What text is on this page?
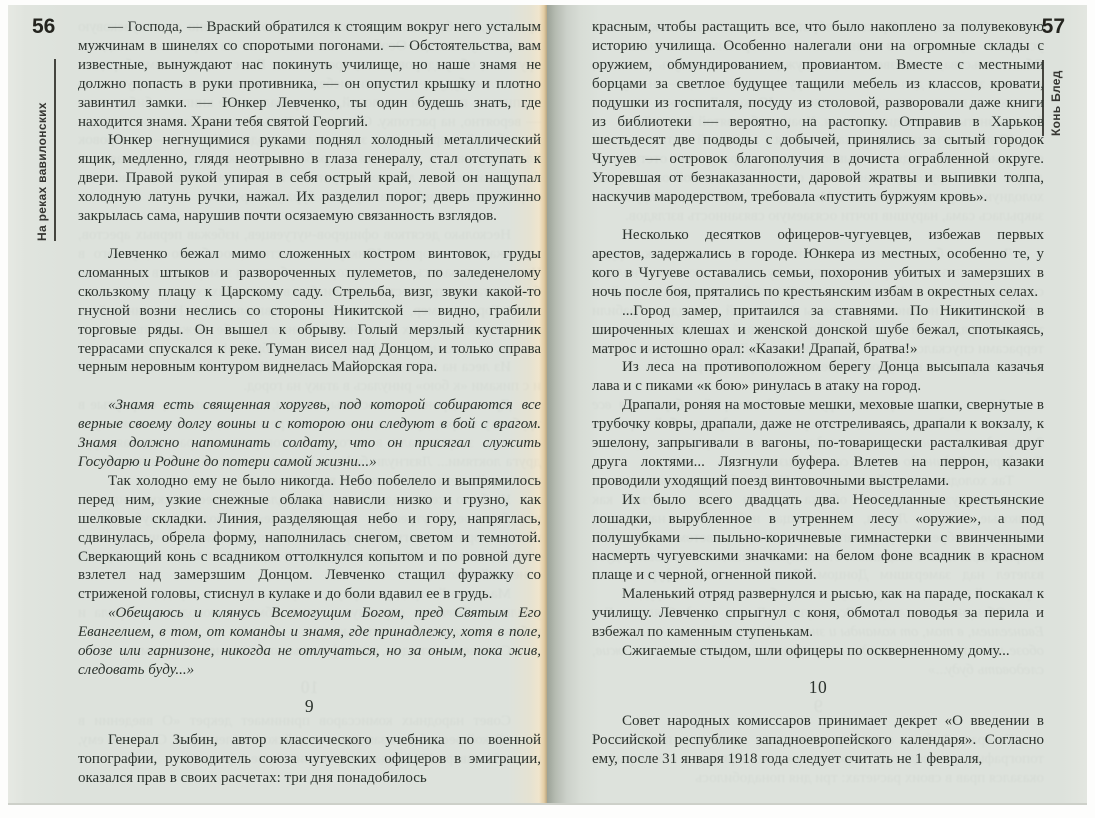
56
На реках вавилонских
— Господа, — Враский обратился к стоящим вокруг него усталым мужчинам в шинелях со споротыми погонами. — Обстоятельства, вам известные, вынуждают нас покинуть училище, но наше знамя не должно попасть в руки противника, — он опустил крышку и плотно завинтил замки. — Юнкер Левченко, ты один будешь знать, где находится знамя. Храни тебя святой Георгий.
Юнкер негнущимися руками поднял холодный металлический ящик, медленно, глядя неотрывно в глаза генералу, стал отступать к двери. Правой рукой упирая в себя острый край, левой он нащупал холодную латунь ручки, нажал. Их разделил порог; дверь пружинно закрылась сама, нарушив почти осязаемую связанность взглядов.
Левченко бежал мимо сложенных костром винтовок, груды сломанных штыков и развороченных пулеметов, по заледенелому скользкому плацу к Царскому саду. Стрельба, визг, звуки какой-то гнусной возни неслись со стороны Никитской — видно, грабили торговые ряды. Он вышел к обрыву. Голый мерзлый кустарник террасами спускался к реке. Туман висел над Донцом, и только справа черным неровным контуром виднелась Майорская гора.
«Знамя есть священная хоругвь, под которой собираются все верные своему долгу воины и с которою они следуют в бой с врагом. Знамя должно напоминать солдату, что он присягал служить Государю и Родине до потери самой жизни...»
Так холодно ему не было никогда. Небо побелело и выпрямилось перед ним, узкие снежные облака нависли низко и грузно, как шелковые складки. Линия, разделяющая небо и гору, напряглась, сдвинулась, обрела форму, наполнилась снегом, светом и темнотой. Сверкающий конь с всадником оттолкнулся копытом и по ровной дуге взлетел над замерзшим Донцом. Левченко стащил фуражку со стриженой головы, стиснул в кулаке и до боли вдавил ее в грудь.
«Обещаюсь и клянусь Всемогущим Богом, пред Святым Его Евангелием, в том, от команды и знамя, где принадлежу, хотя в поле, обозе или гарнизоне, никогда не отлучаться, но за оным, пока жив, следовать буду...»
9
Генерал Зыбин, автор классического учебника по военной топографии, руководитель союза чугуевских офицеров в эмиграции, оказался прав в своих расчетах: три дня понадобилось
57
Конь Блед
красным, чтобы растащить все, что было накоплено за полувековую историю училища. Особенно налегали они на огромные склады с оружием, обмундированием, провиантом. Вместе с местными борцами за светлое будущее тащили мебель из классов, кровати, подушки из госпиталя, посуду из столовой, разворовали даже книги из библиотеки — вероятно, на растопку. Отправив в Харьков шестьдесят две подводы с добычей, принялись за сытый городок Чугуев — островок благополучия в дочиста ограбленной округе. Угоревшая от безнаказанности, даровой жратвы и выпивки толпа, наскучив мародерством, требовала «пустить буржуям кровь».
Несколько десятков офицеров-чугуевцев, избежав первых арестов, задержались в городе. Юнкера из местных, особенно те, у кого в Чугуеве оставались семьи, похоронив убитых и замерзших в ночь после боя, прятались по крестьянским избам в окрестных селах.
...Город замер, притаился за ставнями. По Никитинской в широченных клешах и женской донской шубе бежал, спотыкаясь, матрос и истошно орал: «Казаки! Драпай, братва!»
Из леса на противоположном берегу Донца высыпала казачья лава и с пиками «к бою» ринулась в атаку на город.
Драпали, роняя на мостовые мешки, меховые шапки, свернутые в трубочку ковры, драпали, даже не отстреливаясь, драпали к вокзалу, к эшелону, запрыгивали в вагоны, по-товарищески расталкивая друг друга локтями... Лязгнули буфера. Влетев на перрон, казаки проводили уходящий поезд винтовочными выстрелами.
Их было всего двадцать два. Неоседланные крестьянские лошадки, вырубленное в утреннем лесу «оружие», а под полушубками — пыльно-коричневые гимнастерки с ввинченными насмерть чугуевскими значками: на белом фоне всадник в красном плаще и с черной, огненной пикой.
Маленький отряд развернулся и рысью, как на параде, поскакал к училищу. Левченко спрыгнул с коня, обмотал поводья за перила и взбежал по каменным ступенькам.
Сжигаемые стыдом, шли офицеры по оскверненному дому...
10
Совет народных комиссаров принимает декрет «О введении в Российской республике западноевропейского календаря». Согласно ему, после 31 января 1918 года следует считать не 1 февраля,
